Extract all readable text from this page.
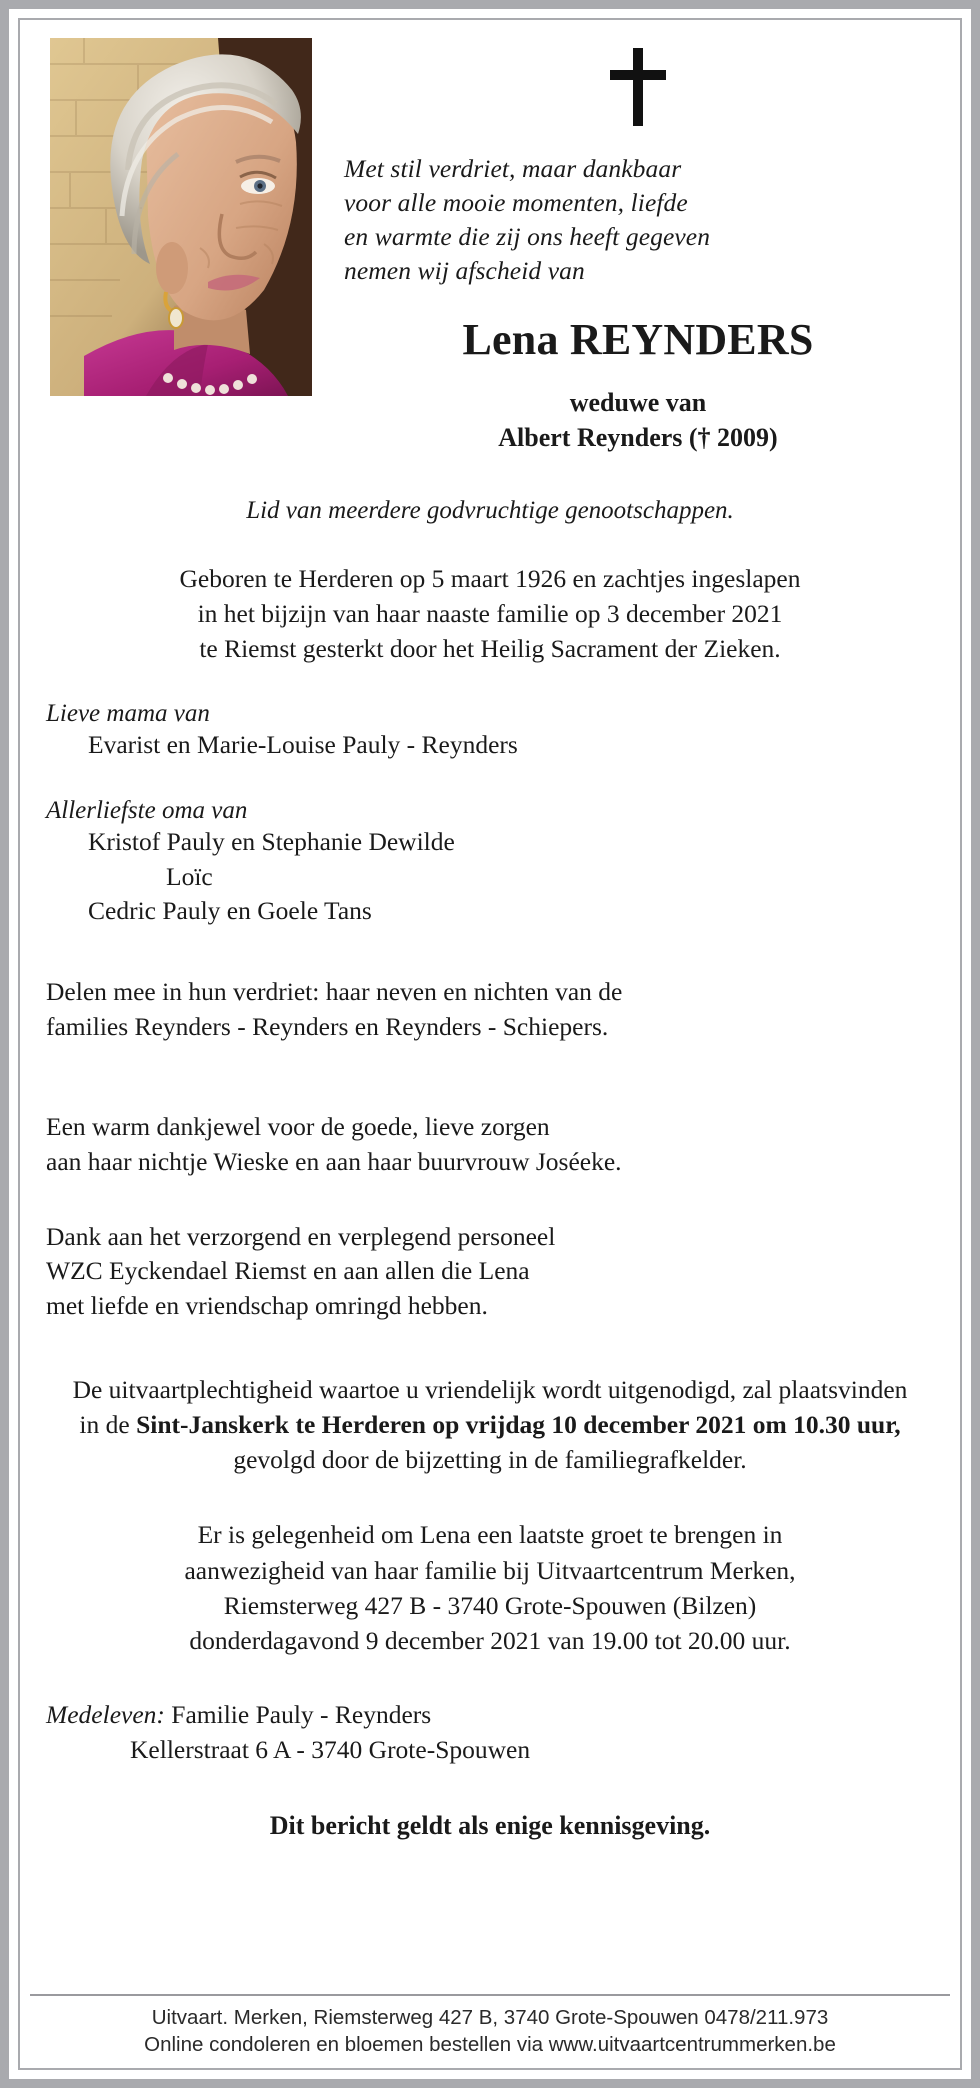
Met stil verdriet, maar dankbaar
voor alle mooie momenten, liefde
en warmte die zij ons heeft gegeven
nemen wij afscheid van
Lena REYNDERS
weduwe van
Albert Reynders († 2009)
Lid van meerdere godvruchtige genootschappen.
Geboren te Herderen op 5 maart 1926 en zachtjes ingeslapen
in het bijzijn van haar naaste familie op 3 december 2021
te Riemst gesterkt door het Heilig Sacrament der Zieken.
Lieve mama van
Evarist en Marie-Louise Pauly - Reynders
Allerliefste oma van
Kristof Pauly en Stephanie Dewilde
Loïc
Cedric Pauly en Goele Tans
Delen mee in hun verdriet: haar neven en nichten van de
families Reynders - Reynders en Reynders - Schiepers.
Een warm dankjewel voor de goede, lieve zorgen
aan haar nichtje Wieske en aan haar buurvrouw Joséeke.
Dank aan het verzorgend en verplegend personeel
WZC Eyckendael Riemst en aan allen die Lena
met liefde en vriendschap omringd hebben.
De uitvaartplechtigheid waartoe u vriendelijk wordt uitgenodigd, zal plaatsvinden in de Sint-Janskerk te Herderen op vrijdag 10 december 2021 om 10.30 uur, gevolgd door de bijzetting in de familiegrafkelder.
Er is gelegenheid om Lena een laatste groet te brengen in
aanwezigheid van haar familie bij Uitvaartcentrum Merken,
Riemsterweg 427 B - 3740 Grote-Spouwen (Bilzen)
donderdagavond 9 december 2021 van 19.00 tot 20.00 uur.
Medeleven: Familie Pauly - Reynders
Kellerstraat 6 A - 3740 Grote-Spouwen
Dit bericht geldt als enige kennisgeving.
Uitvaart. Merken, Riemsterweg 427 B, 3740 Grote-Spouwen 0478/211.973
Online condoleren en bloemen bestellen via www.uitvaartcentrummerken.be
